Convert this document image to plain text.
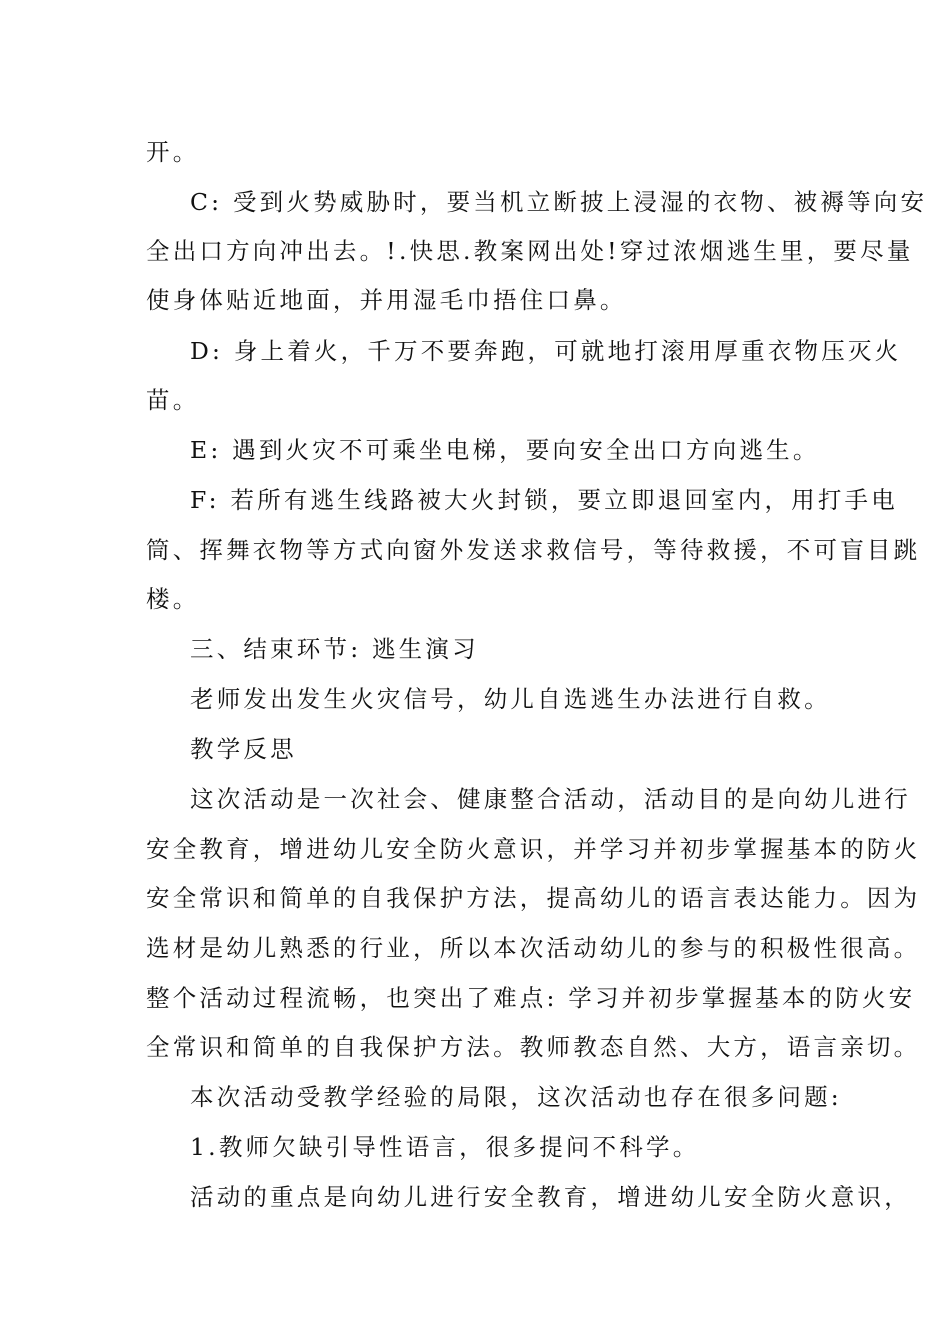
开。
C: 受到火势威胁时，要当机立断披上浸湿的衣物、被褥等向安
全出口方向冲出去。!.快思.教案网出处!穿过浓烟逃生里，要尽量
使身体贴近地面，并用湿毛巾捂住口鼻。
D: 身上着火，千万不要奔跑，可就地打滚用厚重衣物压灭火
苗。
E: 遇到火灾不可乘坐电梯，要向安全出口方向逃生。
F: 若所有逃生线路被大火封锁，要立即退回室内，用打手电
筒、挥舞衣物等方式向窗外发送求救信号，等待救援，不可盲目跳
楼。
三、结束环节: 逃生演习
老师发出发生火灾信号，幼儿自选逃生办法进行自救。
教学反思
这次活动是一次社会、健康整合活动，活动目的是向幼儿进行
安全教育，增进幼儿安全防火意识，并学习并初步掌握基本的防火
安全常识和简单的自我保护方法，提高幼儿的语言表达能力。因为
选材是幼儿熟悉的行业，所以本次活动幼儿的参与的积极性很高。
整个活动过程流畅，也突出了难点: 学习并初步掌握基本的防火安
全常识和简单的自我保护方法。教师教态自然、大方，语言亲切。
本次活动受教学经验的局限，这次活动也存在很多问题:
1.教师欠缺引导性语言，很多提问不科学。
活动的重点是向幼儿进行安全教育，增进幼儿安全防火意识，
